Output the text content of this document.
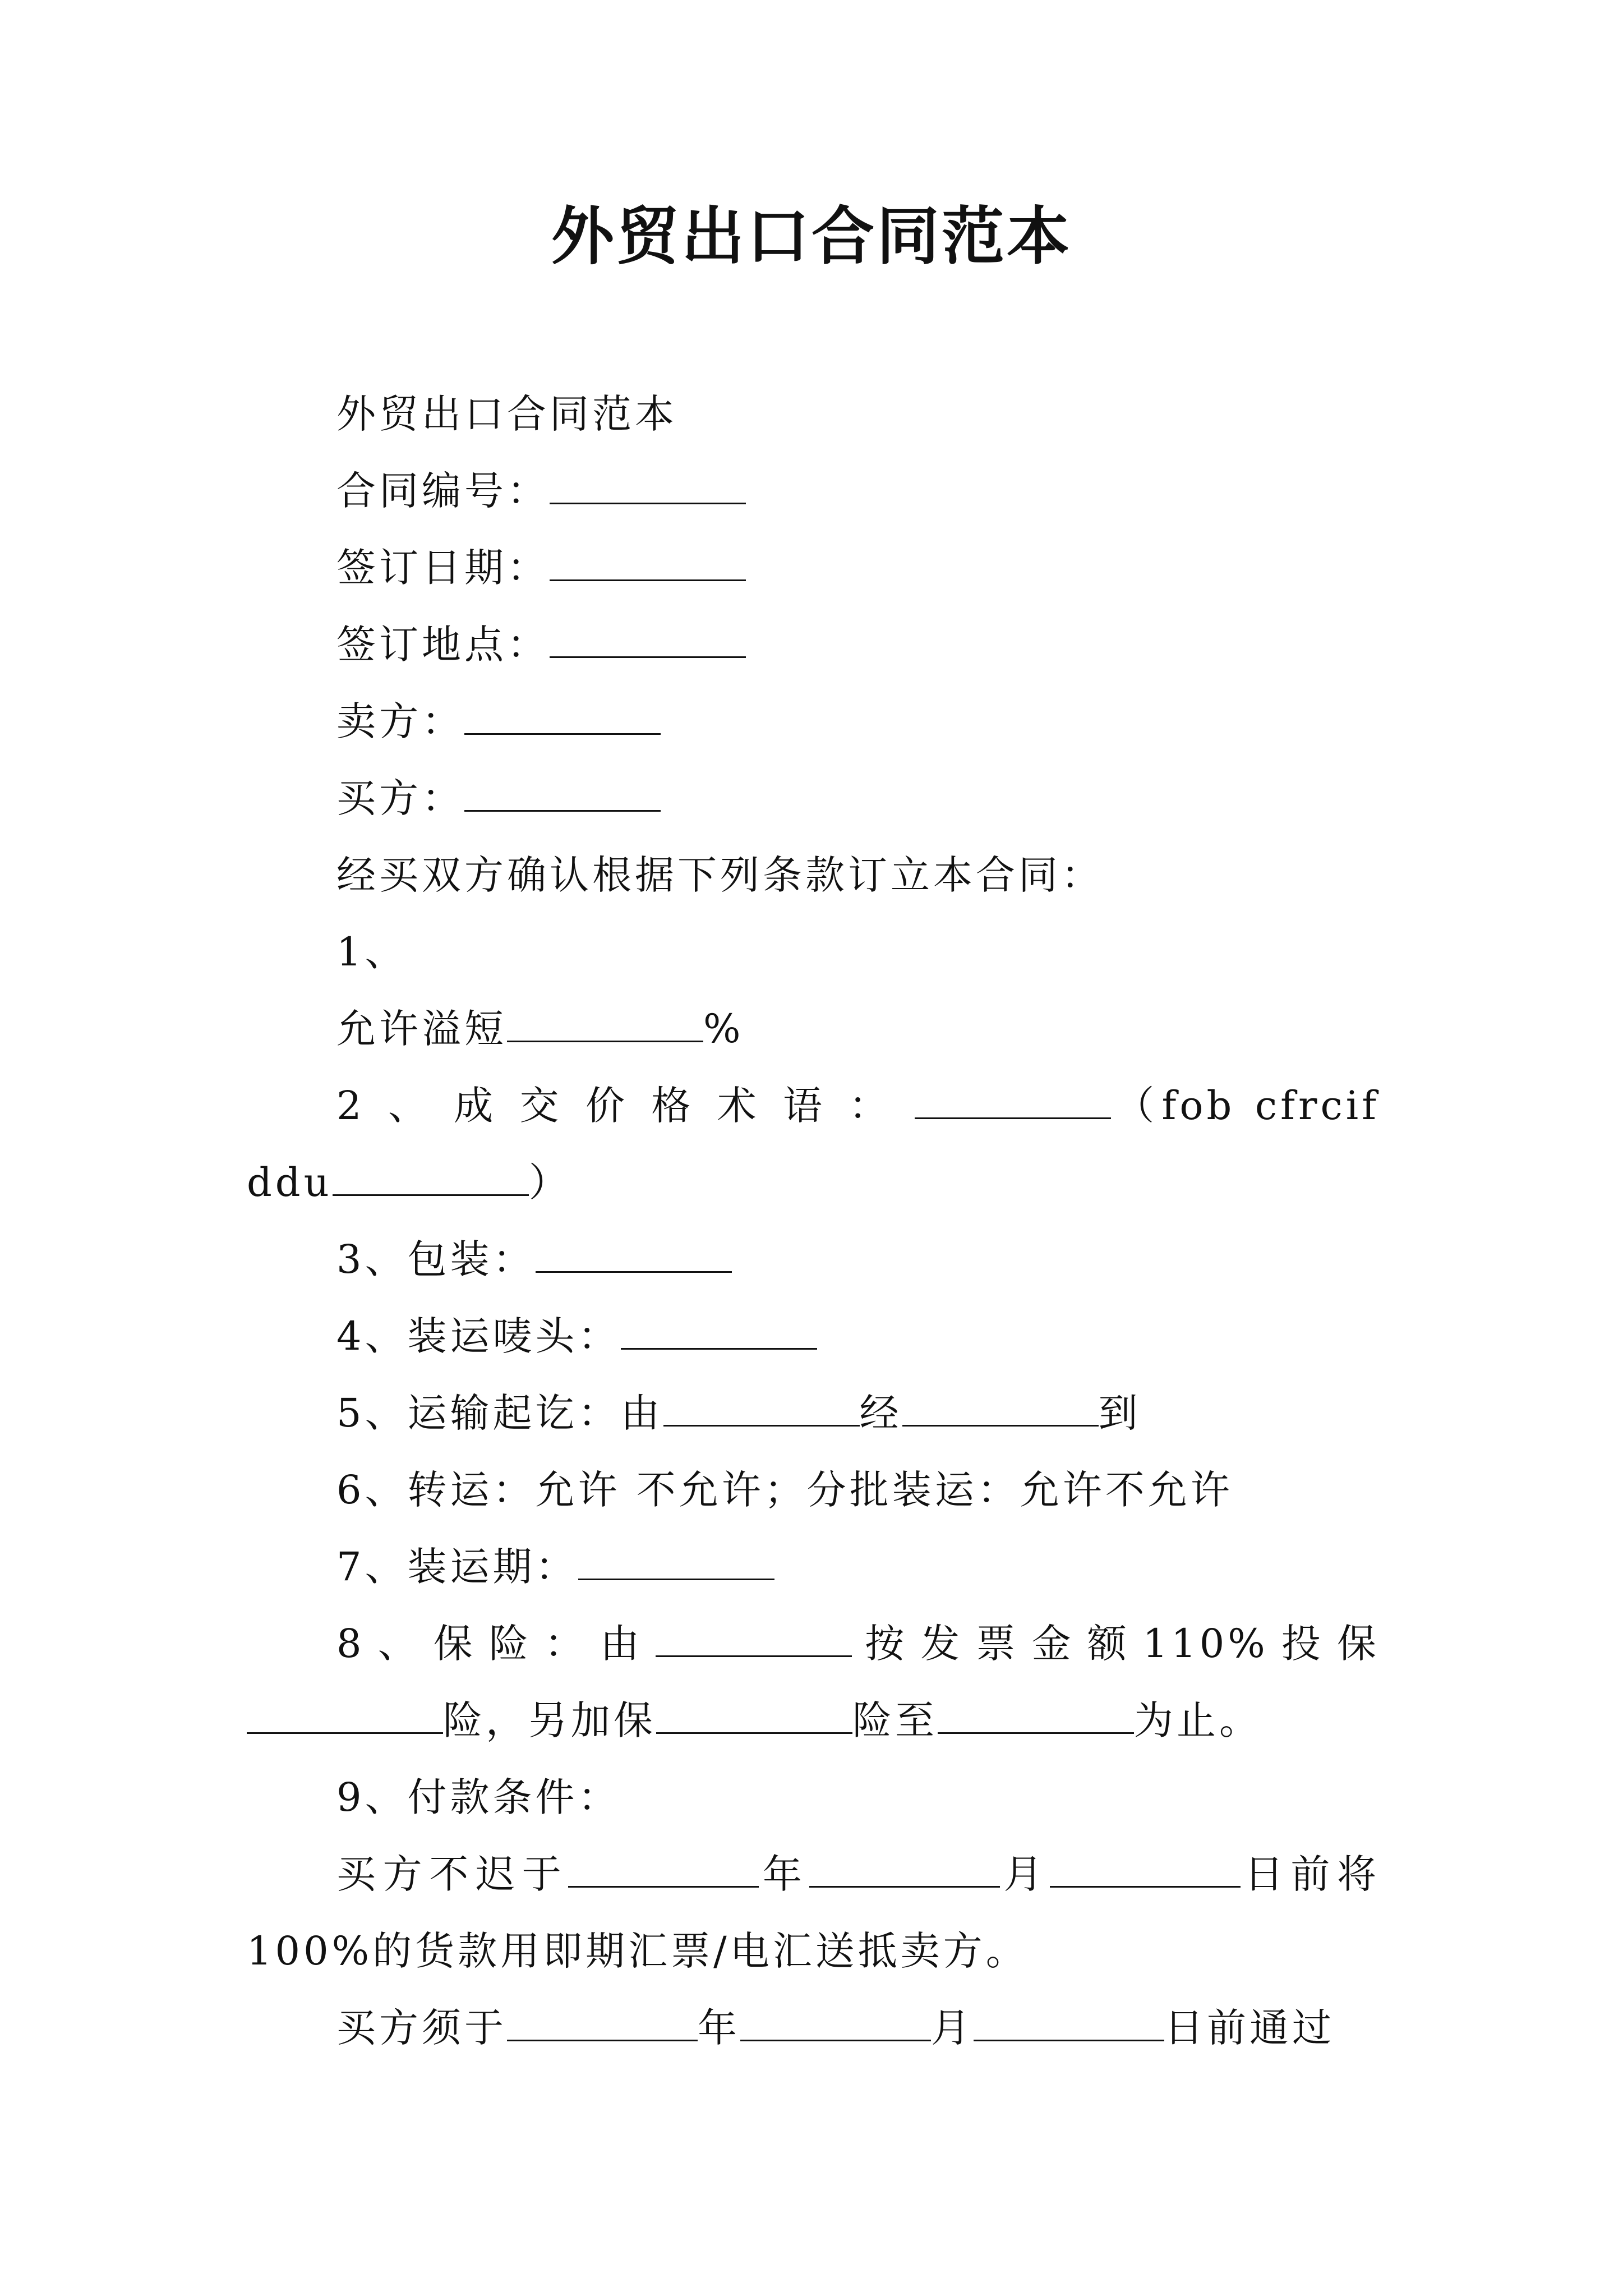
外贸出口合同范本

外贸出口合同范本

合同编号：

签订日期：

签订地点：

卖方：

买方：

经买双方确认根据下列条款订立本合同：

1、

允许溢短	%

2、成交价格术语：	（fob cfrcif ddu	）

3、包装：

4、装运唛头：

5、运输起讫：由	经	到

6、转运：允许 不允许；分批装运：允许不允许

7、装运期：

8、保险：由	按发票金额110%投保险，另加保	险至	为止。

9、付款条件：

买方不迟于	年	月	日前将100%的货款用即期汇票/电汇送抵卖方。

买方须于	年	月	日前通过
